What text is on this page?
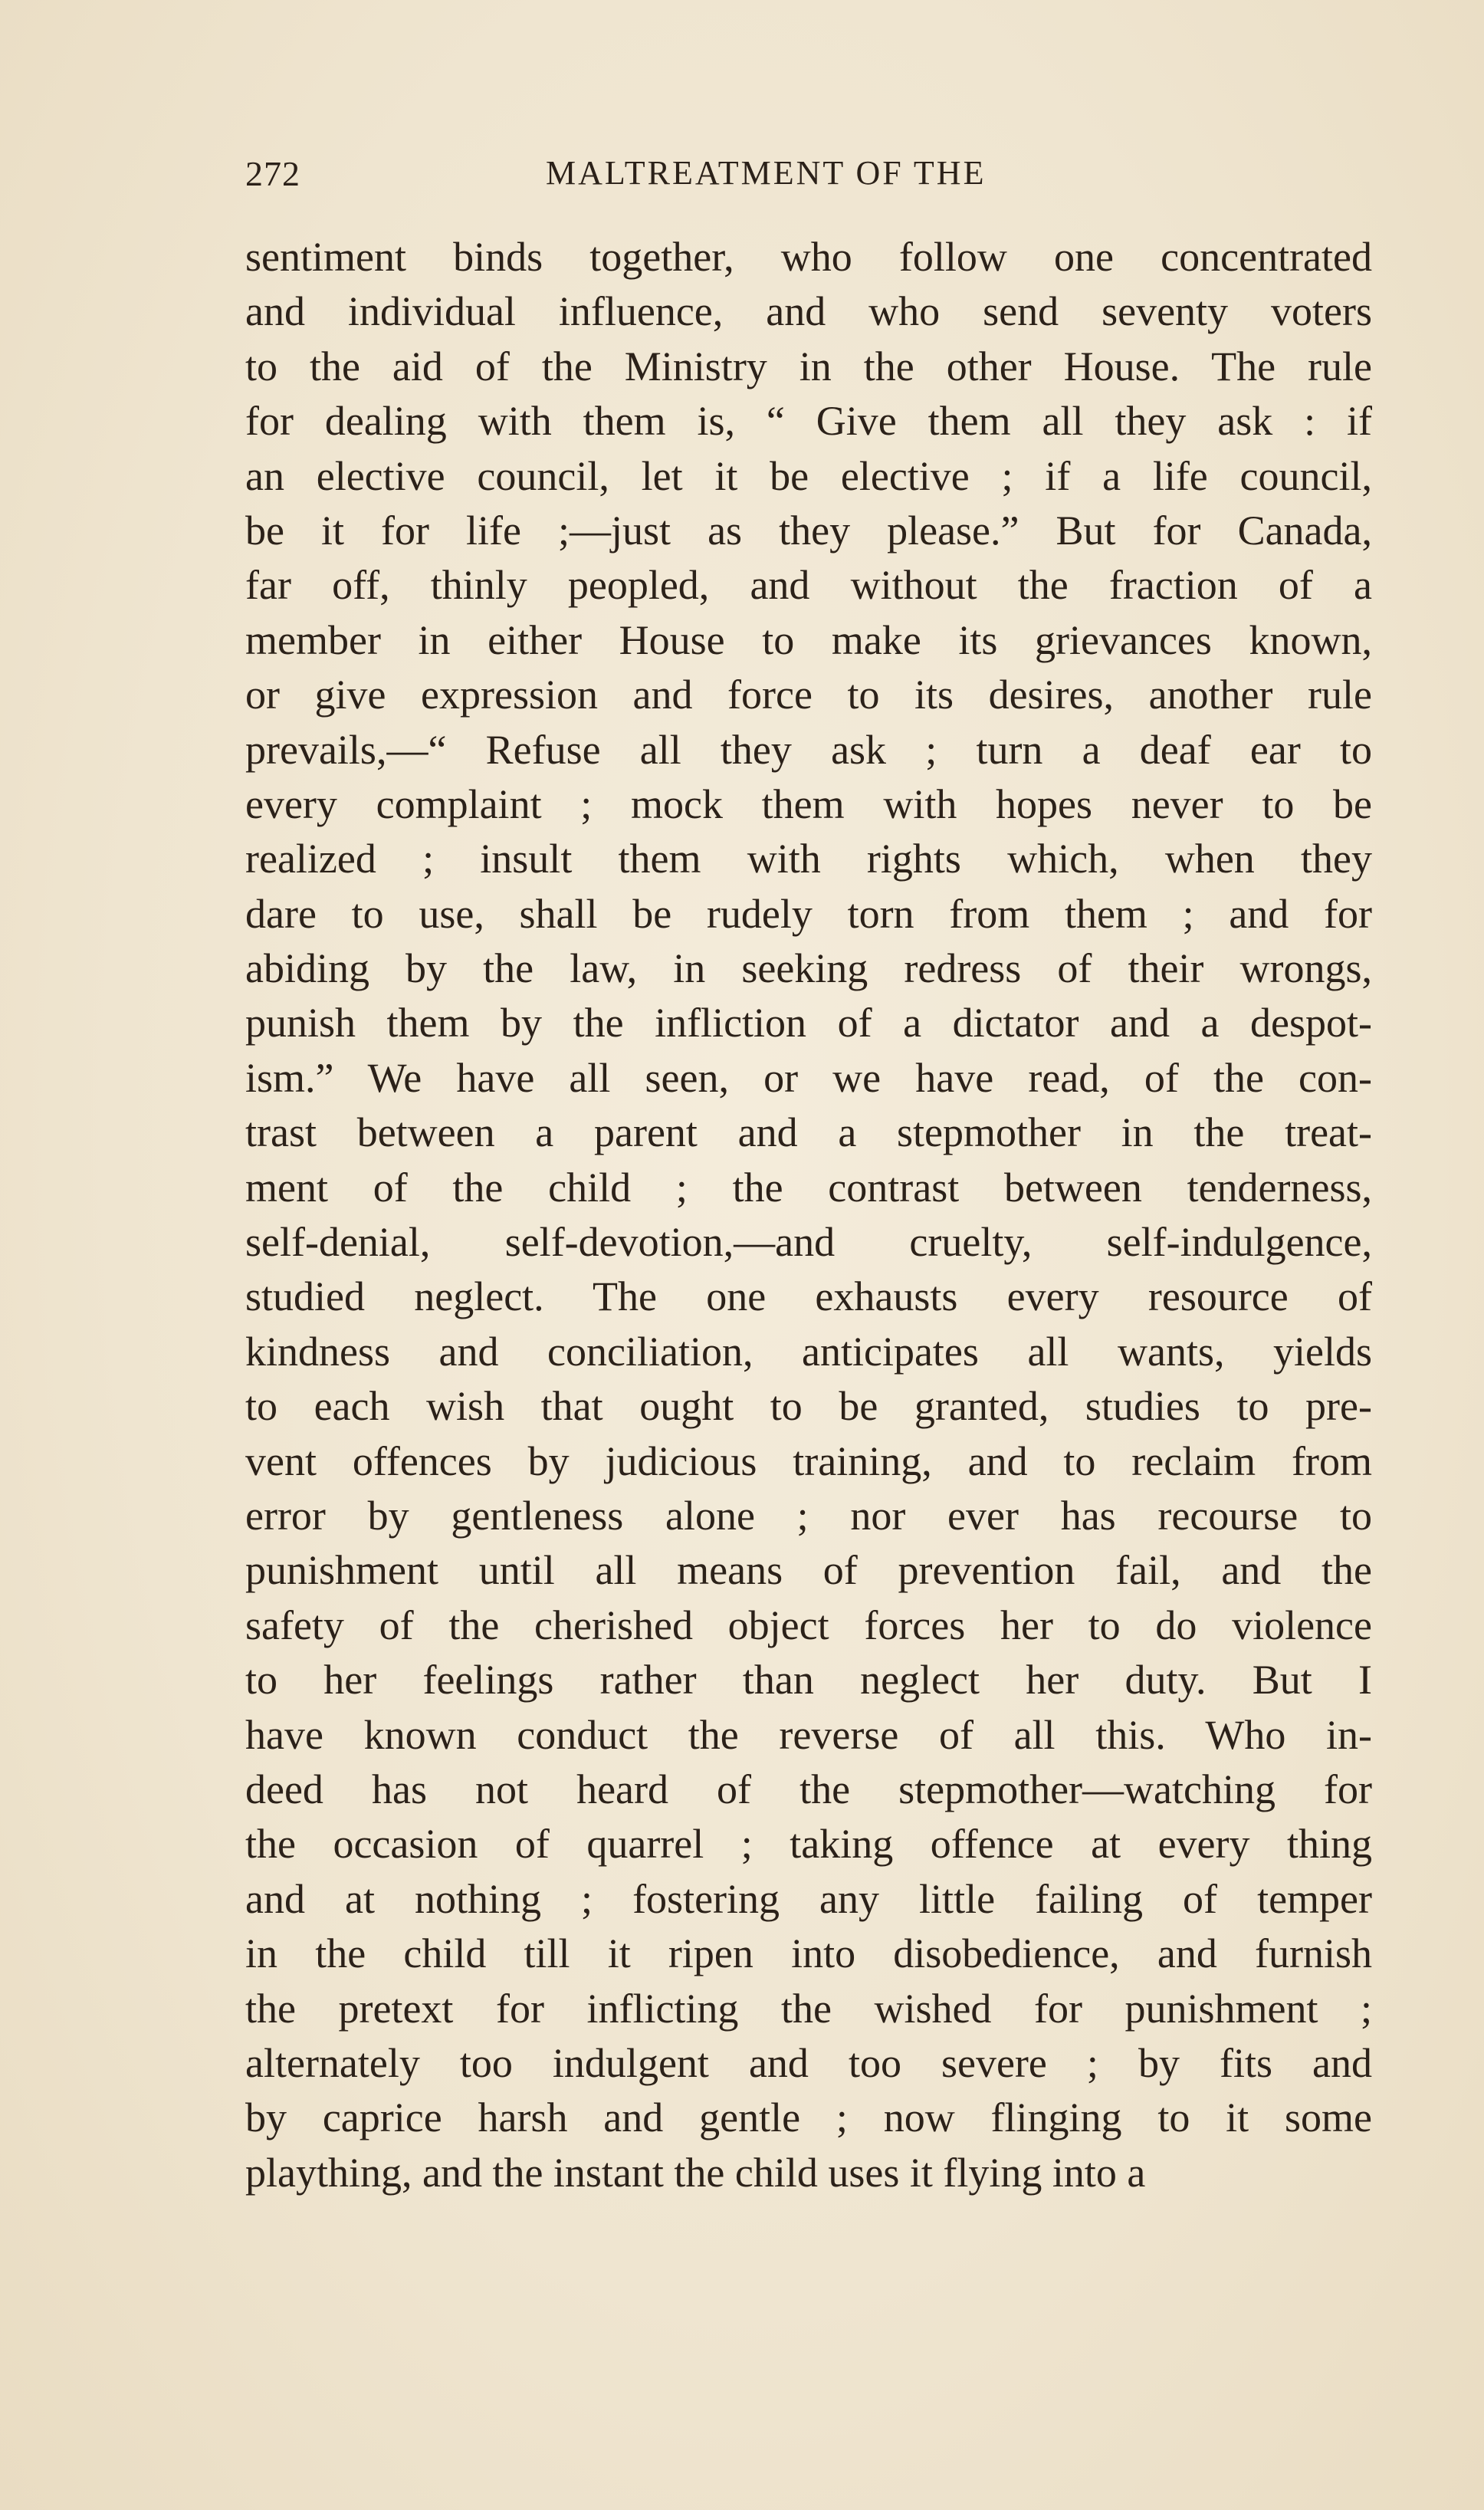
272	MALTREATMENT OF THE
sentiment binds together, who follow one concentrated
and individual influence, and who send seventy voters
to the aid of the Ministry in the other House. The rule
for dealing with them is, “ Give them all they ask : if
an elective council, let it be elective ; if a life council,
be it for life ;—just as they please.” But for Canada,
far off, thinly peopled, and without the fraction of a
member in either House to make its grievances known,
or give expression and force to its desires, another rule
prevails,—“ Refuse all they ask ; turn a deaf ear to
every complaint ; mock them with hopes never to be
realized ; insult them with rights which, when they
dare to use, shall be rudely torn from them ; and for
abiding by the law, in seeking redress of their wrongs,
punish them by the infliction of a dictator and a despot-
ism.” We have all seen, or we have read, of the con-
trast between a parent and a stepmother in the treat-
ment of the child ; the contrast between tenderness,
self-denial, self-devotion,—and cruelty, self-indulgence,
studied neglect. The one exhausts every resource of
kindness and conciliation, anticipates all wants, yields
to each wish that ought to be granted, studies to pre-
vent offences by judicious training, and to reclaim from
error by gentleness alone ; nor ever has recourse to
punishment until all means of prevention fail, and the
safety of the cherished object forces her to do violence
to her feelings rather than neglect her duty. But I
have known conduct the reverse of all this. Who in-
deed has not heard of the stepmother—watching for
the occasion of quarrel ; taking offence at every thing
and at nothing ; fostering any little failing of temper
in the child till it ripen into disobedience, and furnish
the pretext for inflicting the wished for punishment ;
alternately too indulgent and too severe ; by fits and
by caprice harsh and gentle ; now flinging to it some
plaything, and the instant the child uses it flying into a
